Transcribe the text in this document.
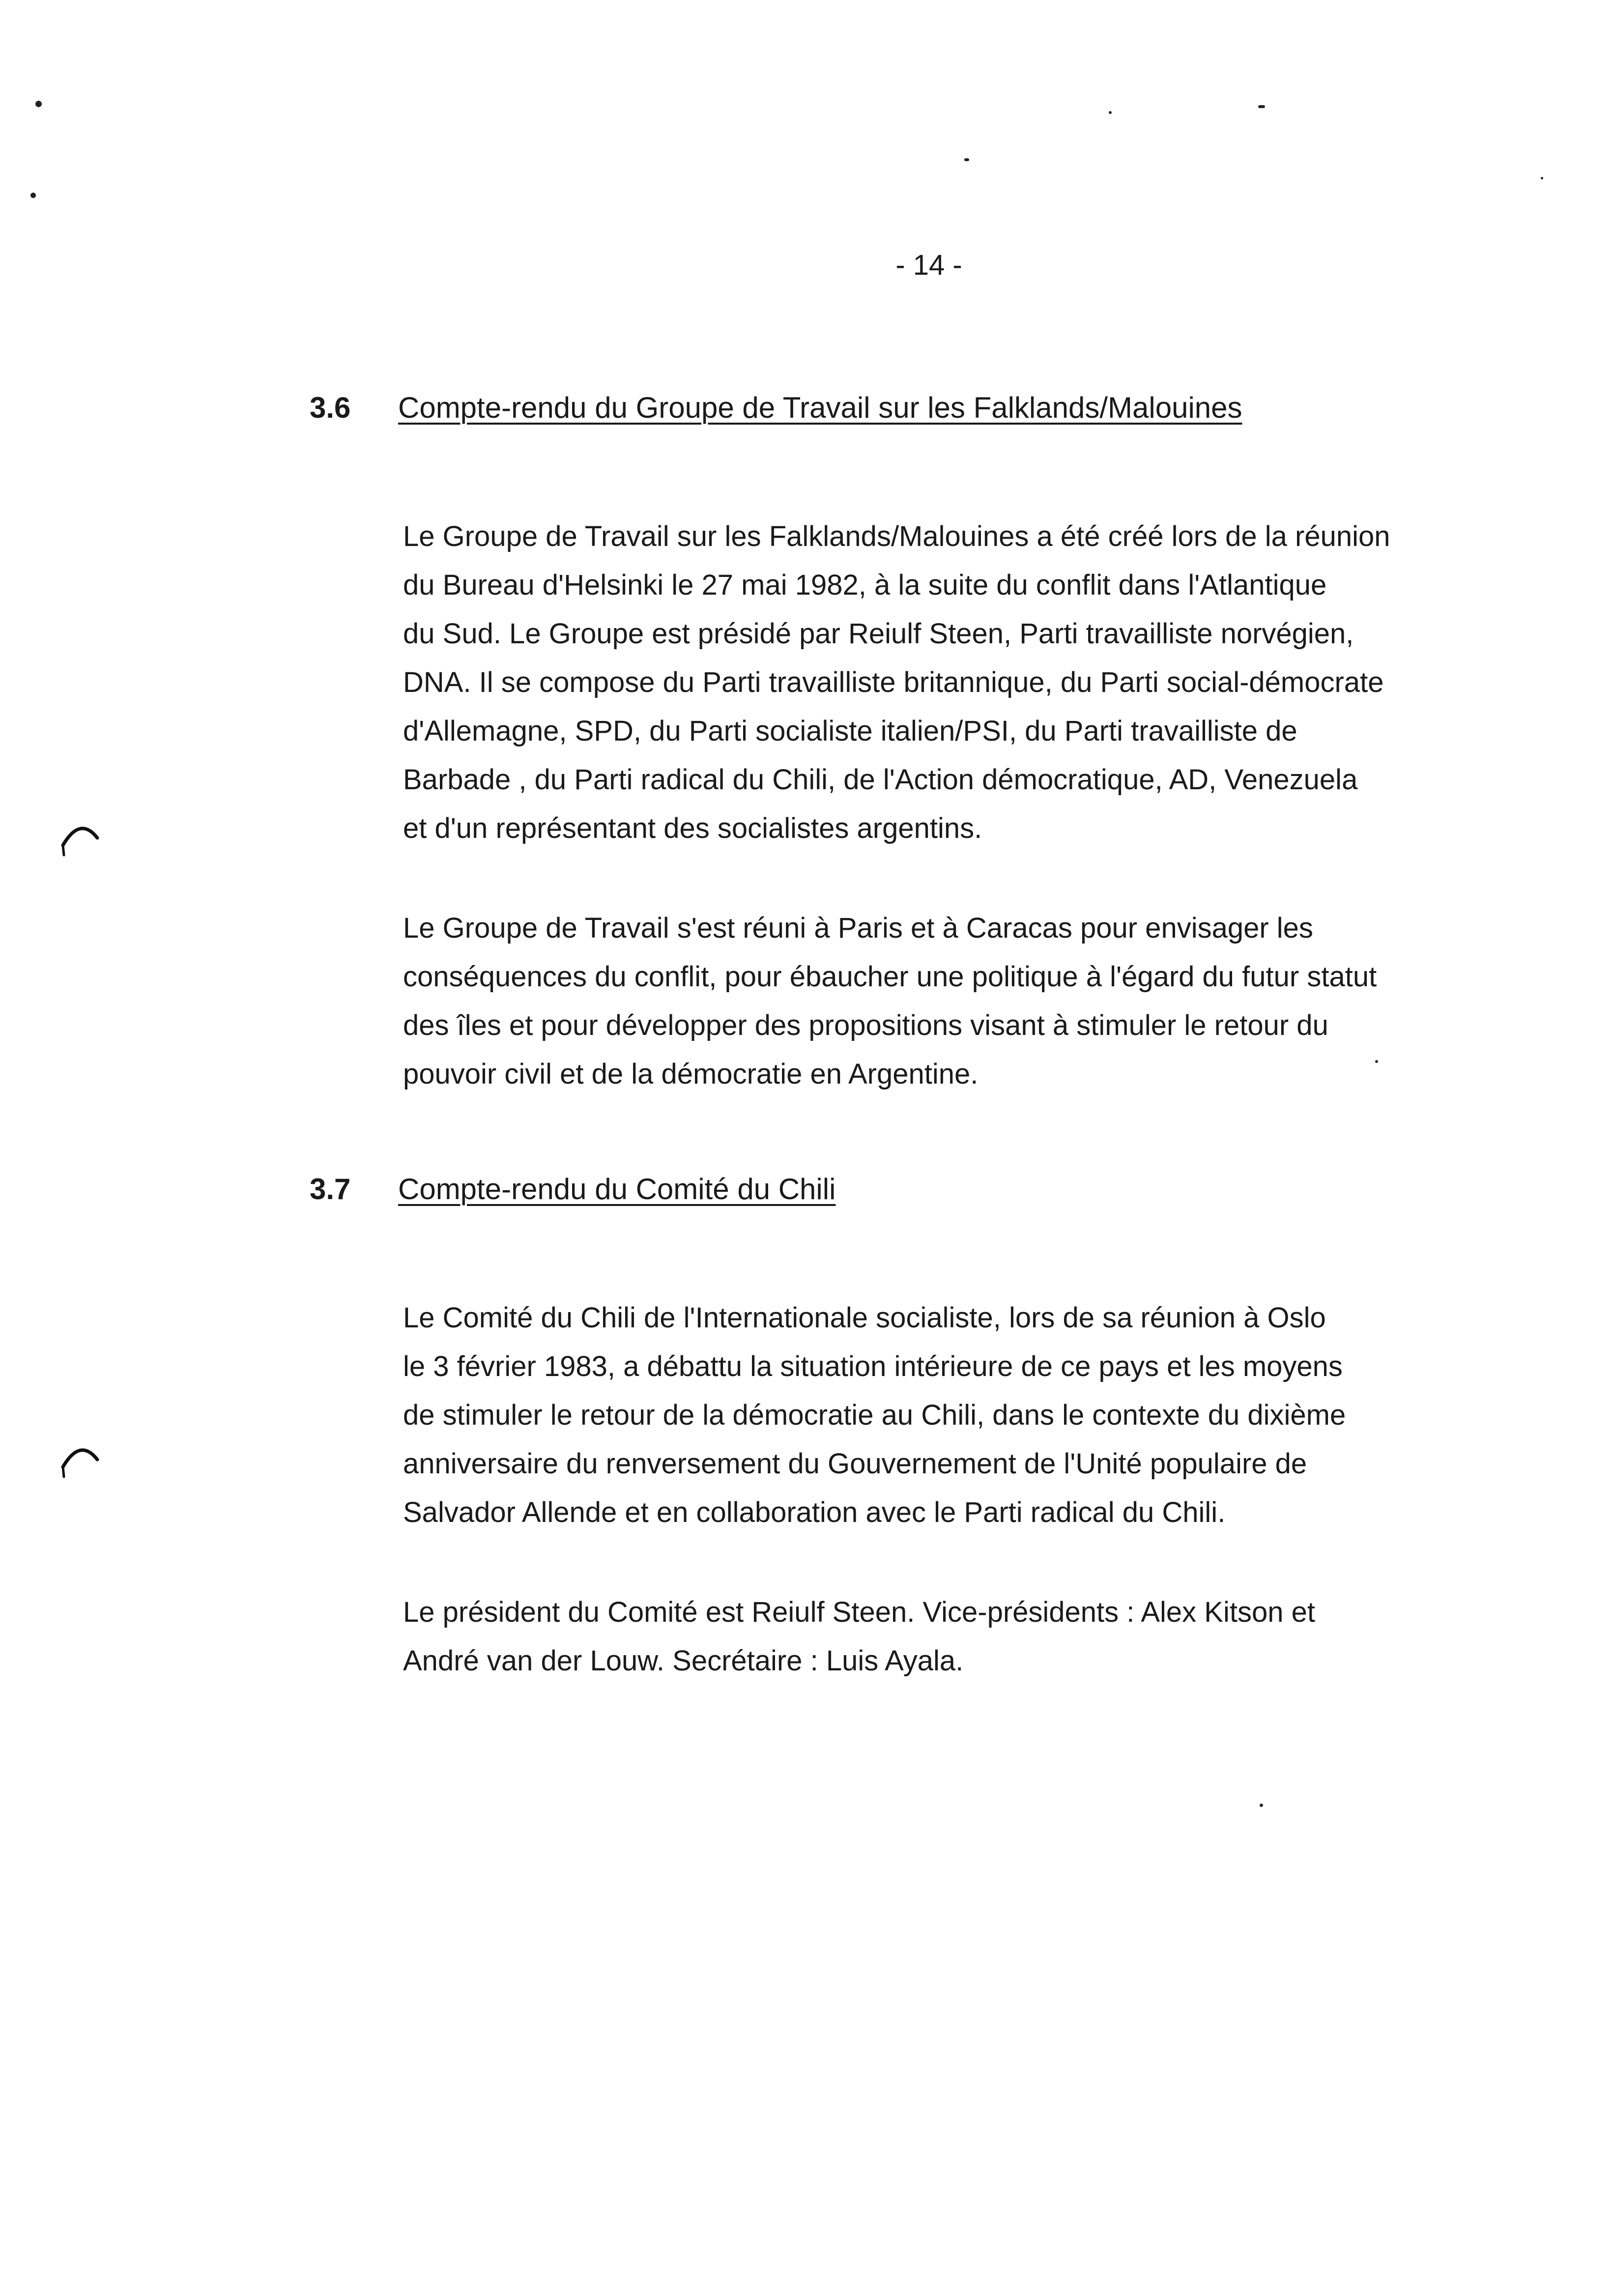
- 14 -
3.6 Compte-rendu du Groupe de Travail sur les Falklands/Malouines

Le Groupe de Travail sur les Falklands/Malouines a été créé lors de la réunion
du Bureau d'Helsinki le 27 mai 1982, à la suite du conflit dans l'Atlantique
du Sud. Le Groupe est présidé par Reiulf Steen, Parti travailliste norvégien,
DNA. Il se compose du Parti travailliste britannique, du Parti social-démocrate
d'Allemagne, SPD, du Parti socialiste italien/PSI, du Parti travailliste de
Barbade , du Parti radical du Chili, de l'Action démocratique, AD, Venezuela
et d'un représentant des socialistes argentins.

Le Groupe de Travail s'est réuni à Paris et à Caracas pour envisager les
conséquences du conflit, pour ébaucher une politique à l'égard du futur statut
des îles et pour développer des propositions visant à stimuler le retour du
pouvoir civil et de la démocratie en Argentine.

3.7 Compte-rendu du Comité du Chili

Le Comité du Chili de l'Internationale socialiste, lors de sa réunion à Oslo
le 3 février 1983, a débattu la situation intérieure de ce pays et les moyens
de stimuler le retour de la démocratie au Chili, dans le contexte du dixième
anniversaire du renversement du Gouvernement de l'Unité populaire de
Salvador Allende et en collaboration avec le Parti radical du Chili.

Le président du Comité est Reiulf Steen. Vice-présidents : Alex Kitson et
André van der Louw. Secrétaire : Luis Ayala.
